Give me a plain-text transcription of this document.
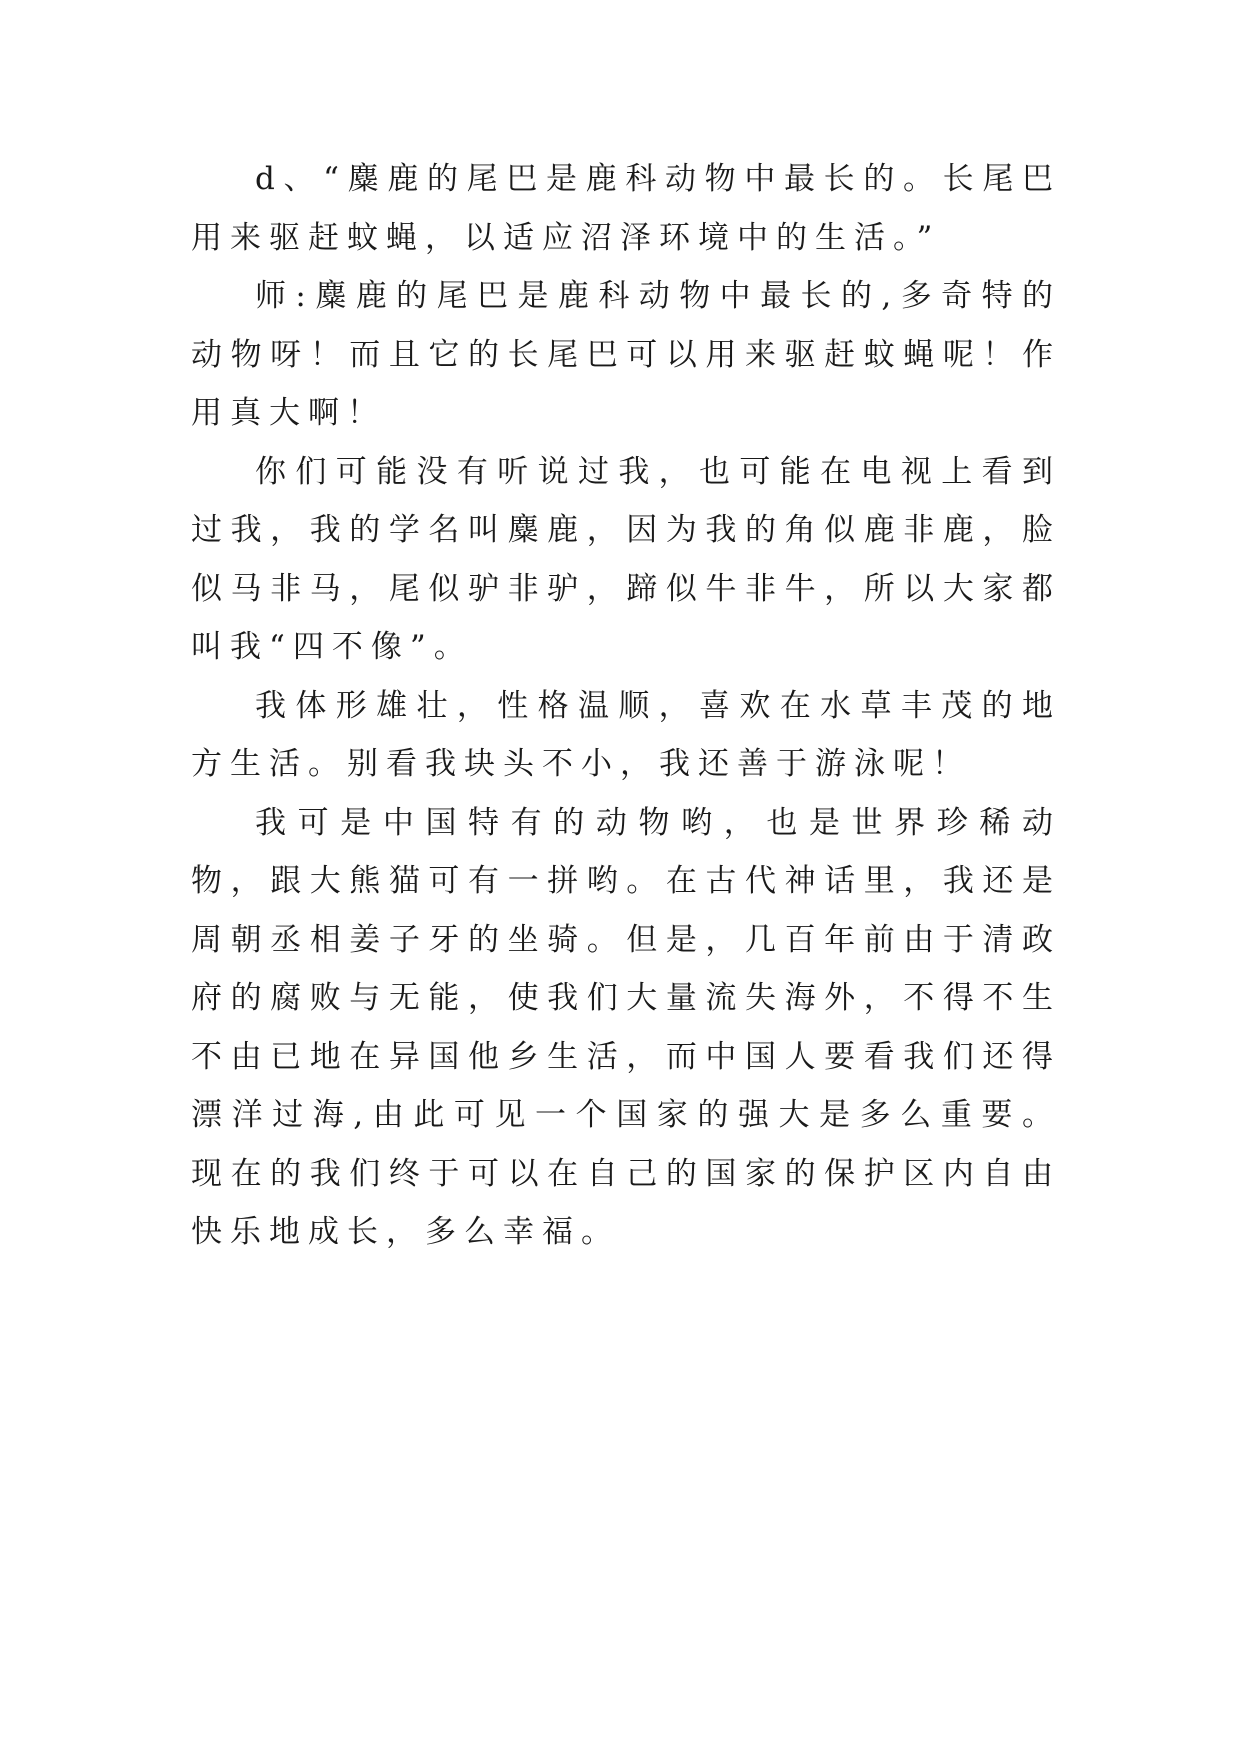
d、“麋鹿的尾巴是鹿科动物中最长的。长尾巴用来驱赶蚊蝇，以适应沼泽环境中的生活。”

师:麋鹿的尾巴是鹿科动物中最长的,多奇特的动物呀！而且它的长尾巴可以用来驱赶蚊蝇呢！作用真大啊！

你们可能没有听说过我，也可能在电视上看到过我，我的学名叫麋鹿，因为我的角似鹿非鹿，脸似马非马，尾似驴非驴，蹄似牛非牛，所以大家都叫我“四不像”。

我体形雄壮，性格温顺，喜欢在水草丰茂的地方生活。别看我块头不小，我还善于游泳呢！

我可是中国特有的动物哟，也是世界珍稀动物，跟大熊猫可有一拼哟。在古代神话里，我还是周朝丞相姜子牙的坐骑。但是，几百年前由于清政府的腐败与无能，使我们大量流失海外，不得不生不由已地在异国他乡生活，而中国人要看我们还得漂洋过海,由此可见一个国家的强大是多么重要。现在的我们终于可以在自己的国家的保护区内自由快乐地成长，多么幸福。
